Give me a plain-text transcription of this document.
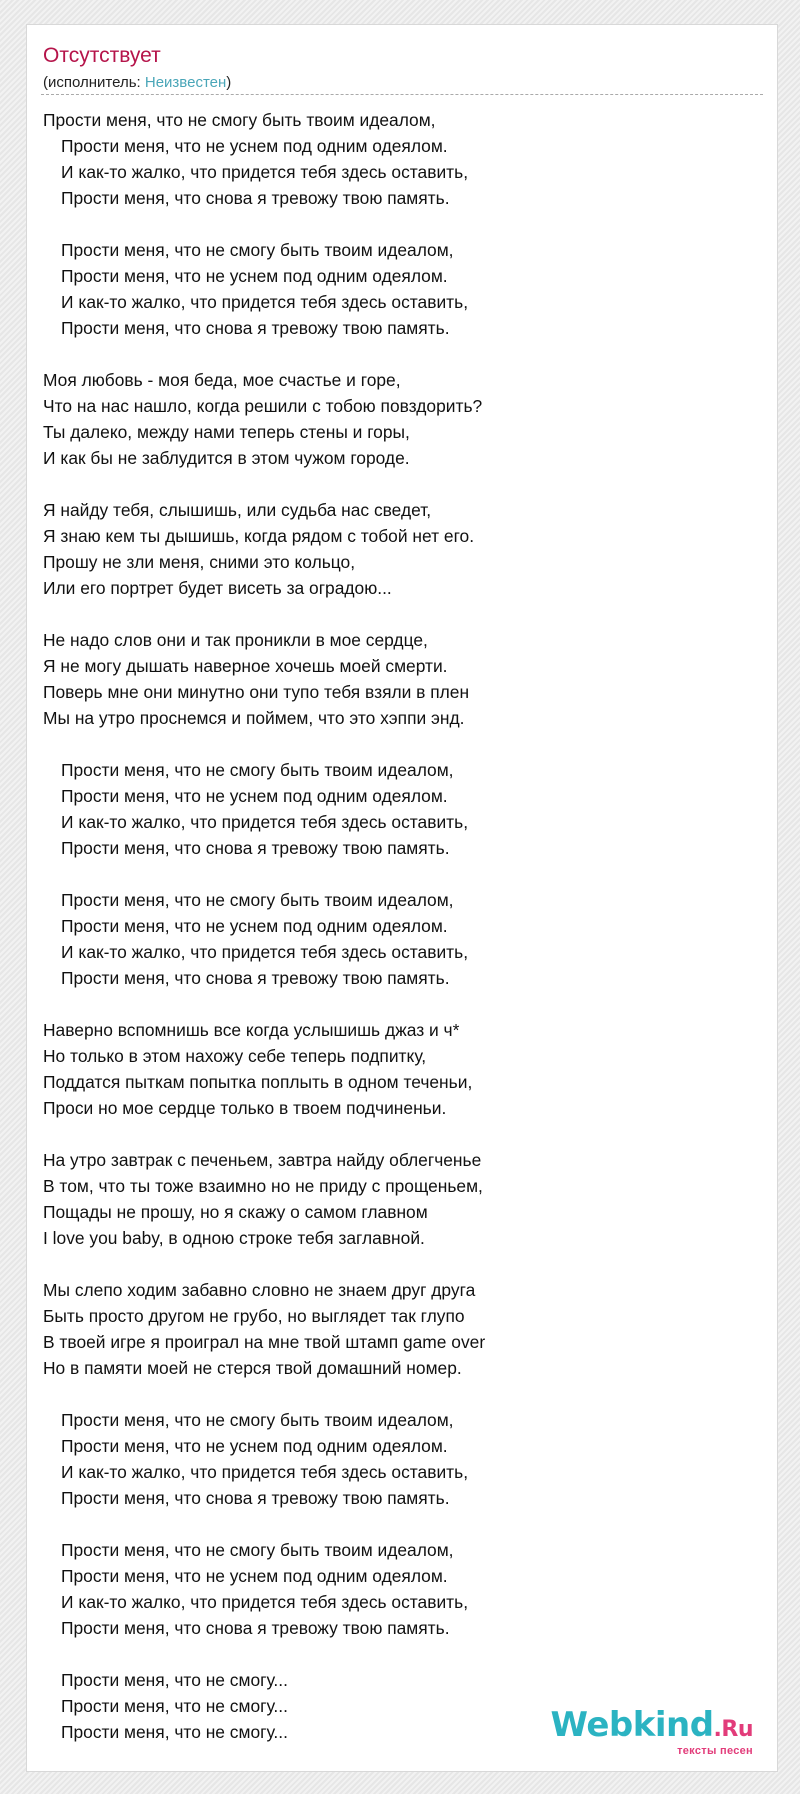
Отсутствует
(исполнитель: Неизвестен)
Прости меня, что не смогу быть твоим идеалом,
Прости меня, что не уснем под одним одеялом.
И как-то жалко, что придется тебя здесь оставить,
Прости меня, что снова я тревожу твою память.
Прости меня, что не смогу быть твоим идеалом,
Прости меня, что не уснем под одним одеялом.
И как-то жалко, что придется тебя здесь оставить,
Прости меня, что снова я тревожу твою память.
Моя любовь - моя беда, мое счастье и горе,
Что на нас нашло, когда решили с тобою повздорить?
Ты далеко, между нами теперь стены и горы,
И как бы не заблудится в этом чужом городе.
Я найду тебя, слышишь, или судьба нас сведет,
Я знаю кем ты дышишь, когда рядом с тобой нет его.
Прошу не зли меня, сними это кольцо,
Или его портрет будет висеть за оградою...
Не надо слов они и так проникли в мое сердце,
Я не могу дышать наверное хочешь моей смерти.
Поверь мне они минутно они тупо тебя взяли в плен
Мы на утро проснемся и поймем, что это хэппи энд.
Прости меня, что не смогу быть твоим идеалом,
Прости меня, что не уснем под одним одеялом.
И как-то жалко, что придется тебя здесь оставить,
Прости меня, что снова я тревожу твою память.
Прости меня, что не смогу быть твоим идеалом,
Прости меня, что не уснем под одним одеялом.
И как-то жалко, что придется тебя здесь оставить,
Прости меня, что снова я тревожу твою память.
Наверно вспомнишь все когда услышишь джаз и ч*
Но только в этом нахожу себе теперь подпитку,
Поддатся пыткам попытка поплыть в одном теченьи,
Проси но мое сердце только в твоем подчиненьи.
На утро завтрак с печеньем, завтра найду облегченье
В том, что ты тоже взаимно но не приду с прощеньем,
Пощады не прошу, но я скажу о самом главном
I love you baby, в одною строке тебя заглавной.
Мы слепо ходим забавно словно не знаем друг друга
Быть просто другом не грубо, но выглядет так глупо
В твоей игре я проиграл на мне твой штамп game over
Но в памяти моей не стерся твой домашний номер.
Прости меня, что не смогу быть твоим идеалом,
Прости меня, что не уснем под одним одеялом.
И как-то жалко, что придется тебя здесь оставить,
Прости меня, что снова я тревожу твою память.
Прости меня, что не смогу быть твоим идеалом,
Прости меня, что не уснем под одним одеялом.
И как-то жалко, что придется тебя здесь оставить,
Прости меня, что снова я тревожу твою память.
Прости меня, что не смогу...
Прости меня, что не смогу...
Прости меня, что не смогу...	Webkind.Ru
тексты песен
